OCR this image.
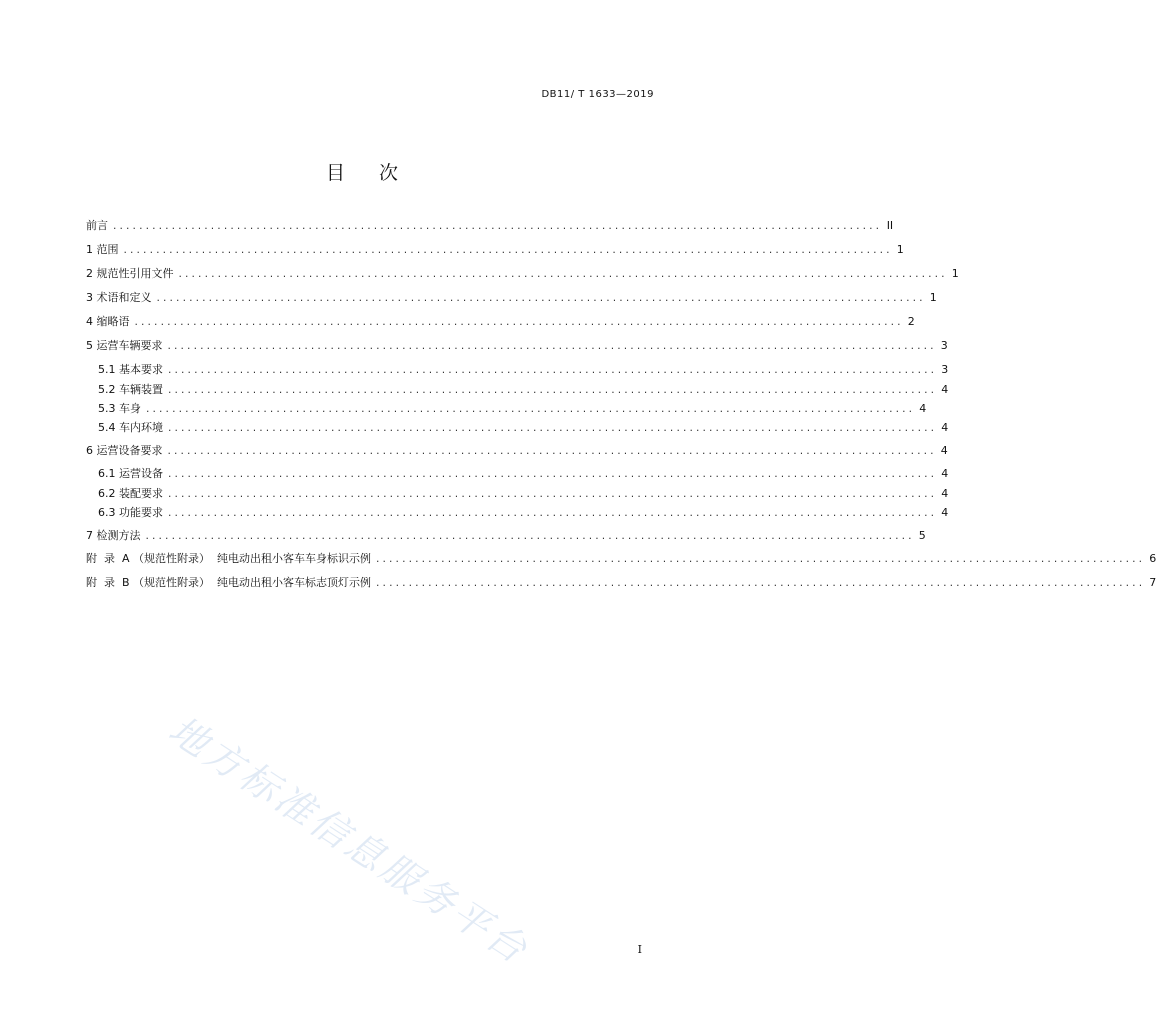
DB11/ T 1633—2019
目 次
前言 ...................................................................................................................... II
1 范围 ...................................................................................................................... 1
2 规范性引用文件 ...................................................................................................................... 1
3 术语和定义 ...................................................................................................................... 1
4 缩略语 ...................................................................................................................... 2
5 运营车辆要求 ...................................................................................................................... 3
5.1 基本要求 ...................................................................................................................... 3
5.2 车辆装置 ...................................................................................................................... 4
5.3 车身 ...................................................................................................................... 4
5.4 车内环境 ...................................................................................................................... 4
6 运营设备要求 ...................................................................................................................... 4
6.1 运营设备 ...................................................................................................................... 4
6.2 装配要求 ...................................................................................................................... 4
6.3 功能要求 ...................................................................................................................... 4
7 检测方法 ...................................................................................................................... 5
附  录  A （规范性附录）  纯电动出租小客车车身标识示例 ...................................................................................................................... 6
附  录  B （规范性附录）  纯电动出租小客车标志顶灯示例 ...................................................................................................................... 7
地方标准信息服务平台	I
